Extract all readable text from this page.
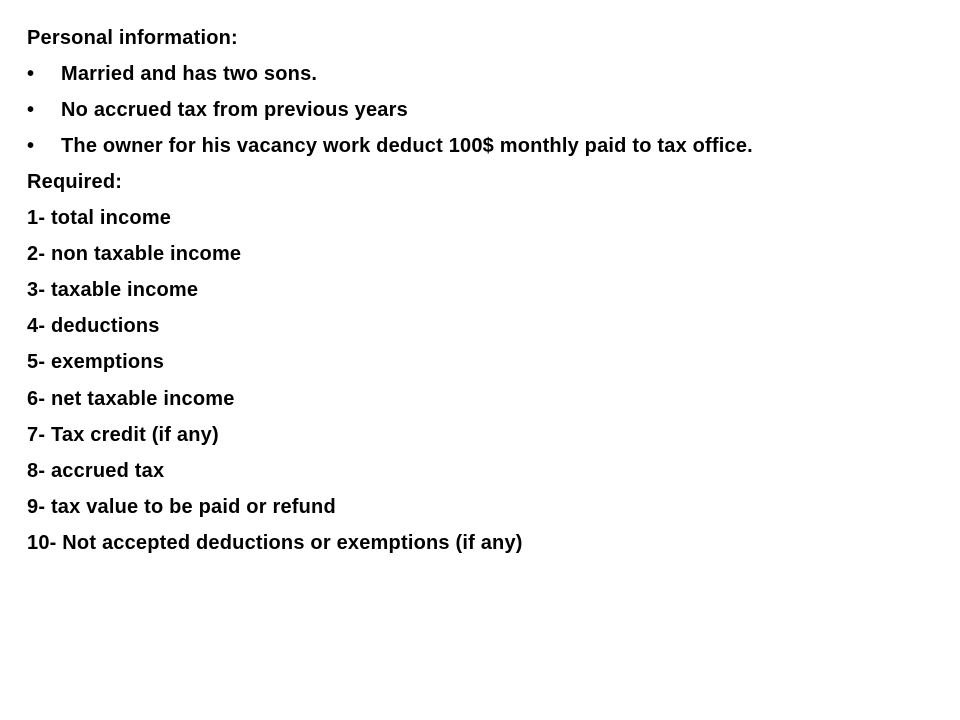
Personal information:
• Married and has two sons.
• No accrued tax from previous years
• The owner for his vacancy work deduct 100$ monthly paid to tax office.
Required:
1- total income
2- non taxable income
3- taxable income
4- deductions
5- exemptions
6- net taxable income
7- Tax credit (if any)
8- accrued tax
9- tax value to be paid or refund
10- Not accepted deductions or exemptions (if any)
